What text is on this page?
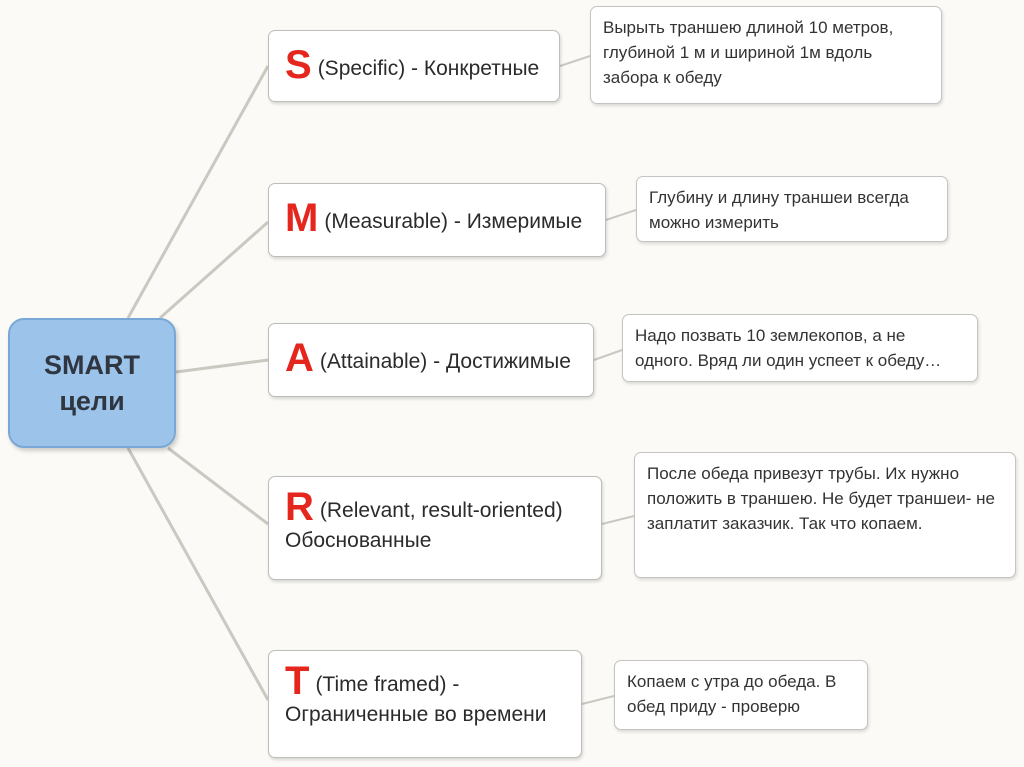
SMART
цели
S (Specific) - Конкретные
Вырыть траншею длиной 10 метров, глубиной 1 м и шириной 1м вдоль забора к обеду
M (Measurable) - Измеримые
Глубину и длину траншеи всегда можно измерить
A (Attainable) - Достижимые
Надо позвать 10 землекопов, а не одного. Вряд ли один успеет к обеду…
R (Relevant, result-oriented)
Обоснованные
После обеда привезут трубы. Их нужно положить в траншею. Не будет траншеи- не заплатит заказчик. Так что копаем.
T (Time framed) -
Ограниченные во времени
Копаем с утра до обеда. В обед приду - проверю
